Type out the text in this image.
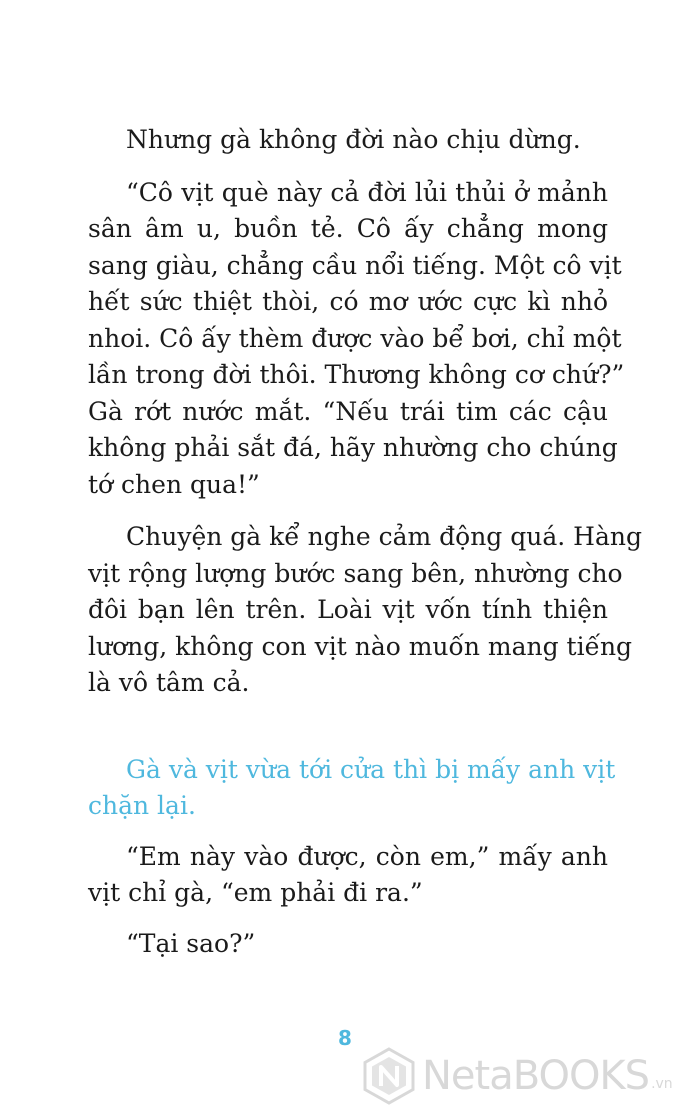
Nhưng gà không đời nào chịu dừng.

“Cô vịt què này cả đời lủi thủi ở mảnh
sân âm u, buồn tẻ. Cô ấy chẳng mong
sang giàu, chẳng cầu nổi tiếng. Một cô vịt
hết sức thiệt thòi, có mơ ước cực kì nhỏ
nhoi. Cô ấy thèm được vào bể bơi, chỉ một
lần trong đời thôi. Thương không cơ chứ?”
Gà rớt nước mắt. “Nếu trái tim các cậu
không phải sắt đá, hãy nhường cho chúng
tớ chen qua!”

Chuyện gà kể nghe cảm động quá. Hàng
vịt rộng lượng bước sang bên, nhường cho
đôi bạn lên trên. Loài vịt vốn tính thiện
lương, không con vịt nào muốn mang tiếng
là vô tâm cả.

Gà và vịt vừa tới cửa thì bị mấy anh vịt
chặn lại.

“Em này vào được, còn em,” mấy anh
vịt chỉ gà, “em phải đi ra.”

“Tại sao?”

8
NetaBOOKS .vn
